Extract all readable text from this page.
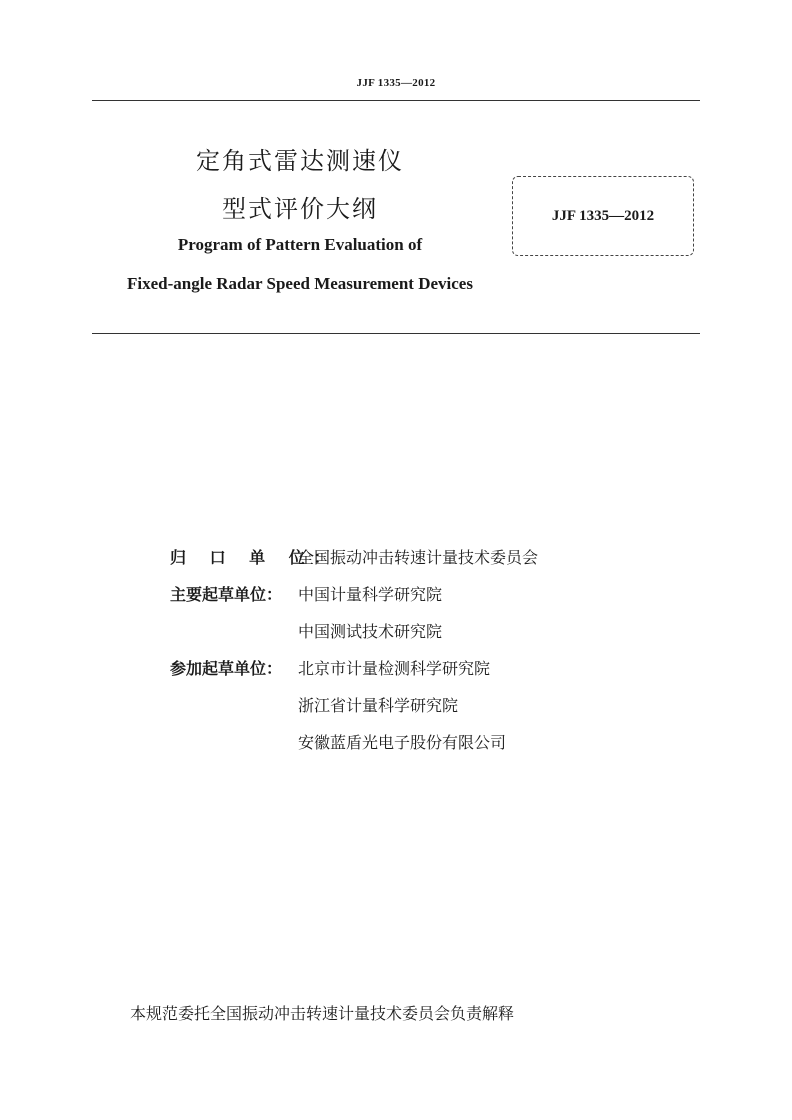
JJF 1335—2012
定角式雷达测速仪
型式评价大纲
Program of Pattern Evaluation of
Fixed-angle Radar Speed Measurement Devices
JJF 1335—2012
归 口 单 位：
全国振动冲击转速计量技术委员会
主要起草单位： 中国计量科学研究院
中国测试技术研究院
参加起草单位： 北京市计量检测科学研究院
浙江省计量科学研究院
安徽蓝盾光电子股份有限公司
本规范委托全国振动冲击转速计量技术委员会负责解释
